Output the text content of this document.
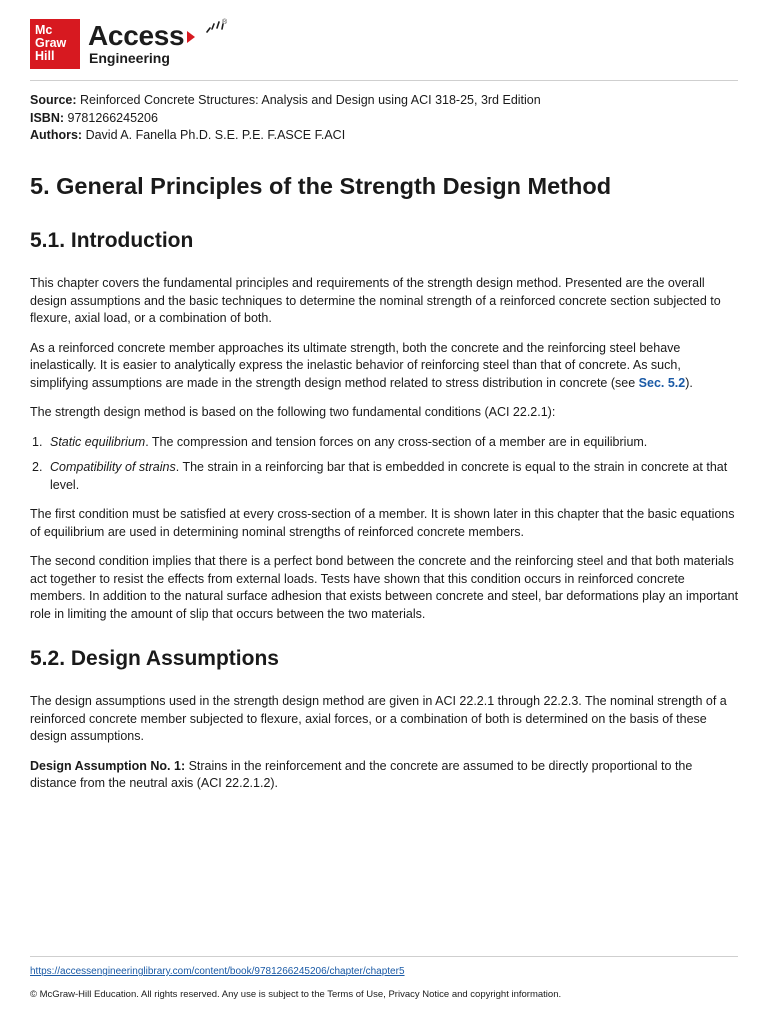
Mc
Graw
Hill
®
Access
Engineering
Source: Reinforced Concrete Structures: Analysis and Design using ACI 318-25, 3rd Edition
ISBN: 9781266245206
Authors: David A. Fanella Ph.D. S.E. P.E. F.ASCE F.ACI
5. General Principles of the Strength Design Method
5.1. Introduction

This chapter covers the fundamental principles and requirements of the strength design method. Presented are the overall design assumptions and the basic techniques to determine the nominal strength of a reinforced concrete section subjected to flexure, axial load, or a combination of both.

As a reinforced concrete member approaches its ultimate strength, both the concrete and the reinforcing steel behave inelastically. It is easier to analytically express the inelastic behavior of reinforcing steel than that of concrete. As such, simplifying assumptions are made in the strength design method related to stress distribution in concrete (see Sec. 5.2).

The strength design method is based on the following two fundamental conditions (ACI 22.2.1):

1. Static equilibrium. The compression and tension forces on any cross-section of a member are in equilibrium.
2. Compatibility of strains. The strain in a reinforcing bar that is embedded in concrete is equal to the strain in concrete at that level.

The first condition must be satisfied at every cross-section of a member. It is shown later in this chapter that the basic equations of equilibrium are used in determining nominal strengths of reinforced concrete members.

The second condition implies that there is a perfect bond between the concrete and the reinforcing steel and that both materials act together to resist the effects from external loads. Tests have shown that this condition occurs in reinforced concrete members. In addition to the natural surface adhesion that exists between concrete and steel, bar deformations play an important role in limiting the amount of slip that occurs between the two materials.

5.2. Design Assumptions

The design assumptions used in the strength design method are given in ACI 22.2.1 through 22.2.3. The nominal strength of a reinforced concrete member subjected to flexure, axial forces, or a combination of both is determined on the basis of these design assumptions.

Design Assumption No. 1: Strains in the reinforcement and the concrete are assumed to be directly proportional to the distance from the neutral axis (ACI 22.2.1.2).

https://accessengineeringlibrary.com/content/book/9781266245206/chapter/chapter5
© McGraw-Hill Education. All rights reserved. Any use is subject to the Terms of Use, Privacy Notice and copyright information.
